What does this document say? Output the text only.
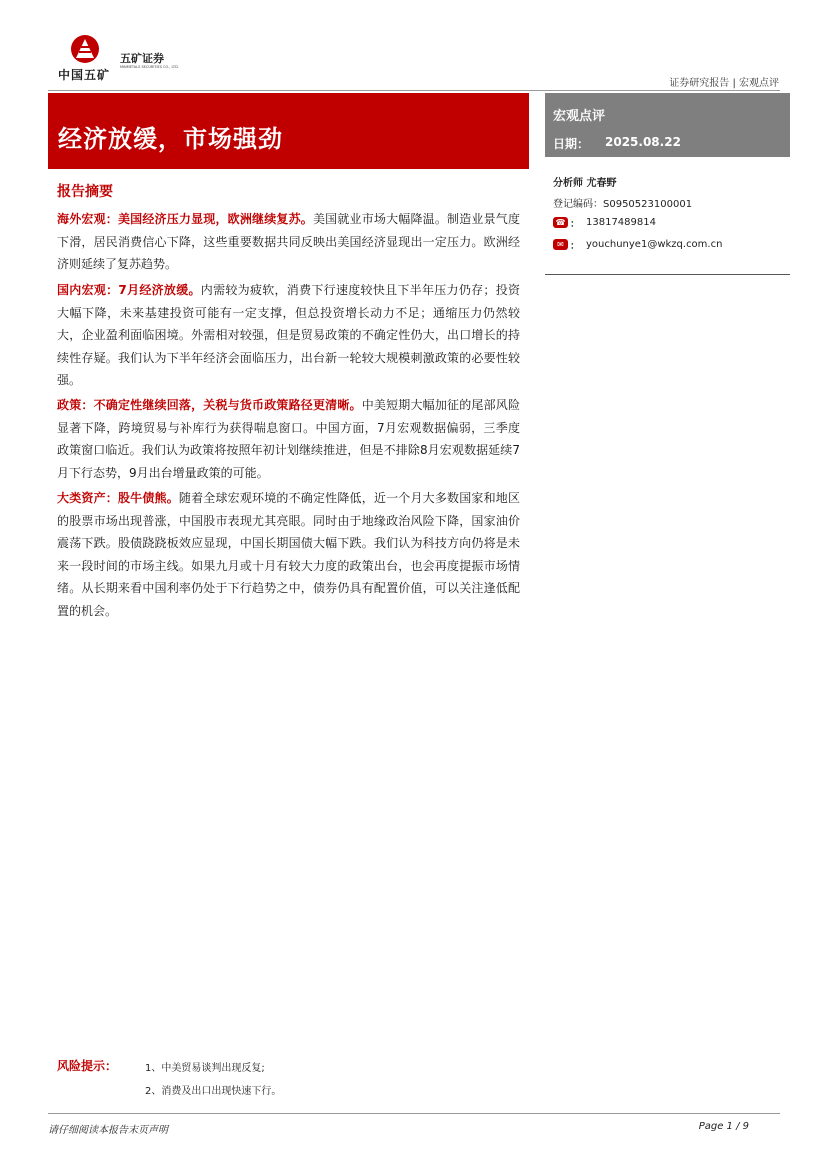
中国五矿
五矿证券
MINMETALS SECURITIES CO., LTD.
证券研究报告 | 宏观点评
经济放缓，市场强劲
宏观点评
日期： 2025.08.22
分析师 尤春野
登记编码：S0950523100001
☎ ： 13817489814
✉ ： youchunye1@wkzq.com.cn
报告摘要
海外宏观：美国经济压力显现，欧洲继续复苏。美国就业市场大幅降温。制造业景气度下滑，居民消费信心下降，这些重要数据共同反映出美国经济显现出一定压力。欧洲经济则延续了复苏趋势。
国内宏观：7月经济放缓。内需较为疲软，消费下行速度较快且下半年压力仍存；投资大幅下降，未来基建投资可能有一定支撑，但总投资增长动力不足；通缩压力仍然较大，企业盈利面临困境。外需相对较强，但是贸易政策的不确定性仍大，出口增长的持续性存疑。我们认为下半年经济会面临压力，出台新一轮较大规模刺激政策的必要性较强。
政策：不确定性继续回落，关税与货币政策路径更清晰。中美短期大幅加征的尾部风险显著下降，跨境贸易与补库行为获得喘息窗口。中国方面，7月宏观数据偏弱，三季度政策窗口临近。我们认为政策将按照年初计划继续推进，但是不排除8月宏观数据延续7月下行态势，9月出台增量政策的可能。
大类资产：股牛债熊。随着全球宏观环境的不确定性降低，近一个月大多数国家和地区的股票市场出现普涨，中国股市表现尤其亮眼。同时由于地缘政治风险下降，国家油价震荡下跌。股债跷跷板效应显现，中国长期国债大幅下跌。我们认为科技方向仍将是未来一段时间的市场主线。如果九月或十月有较大力度的政策出台，也会再度提振市场情绪。从长期来看中国利率仍处于下行趋势之中，债券仍具有配置价值，可以关注逢低配置的机会。
风险提示：	1、中美贸易谈判出现反复;
2、消费及出口出现快速下行。
请仔细阅读本报告末页声明	Page 1 / 9
